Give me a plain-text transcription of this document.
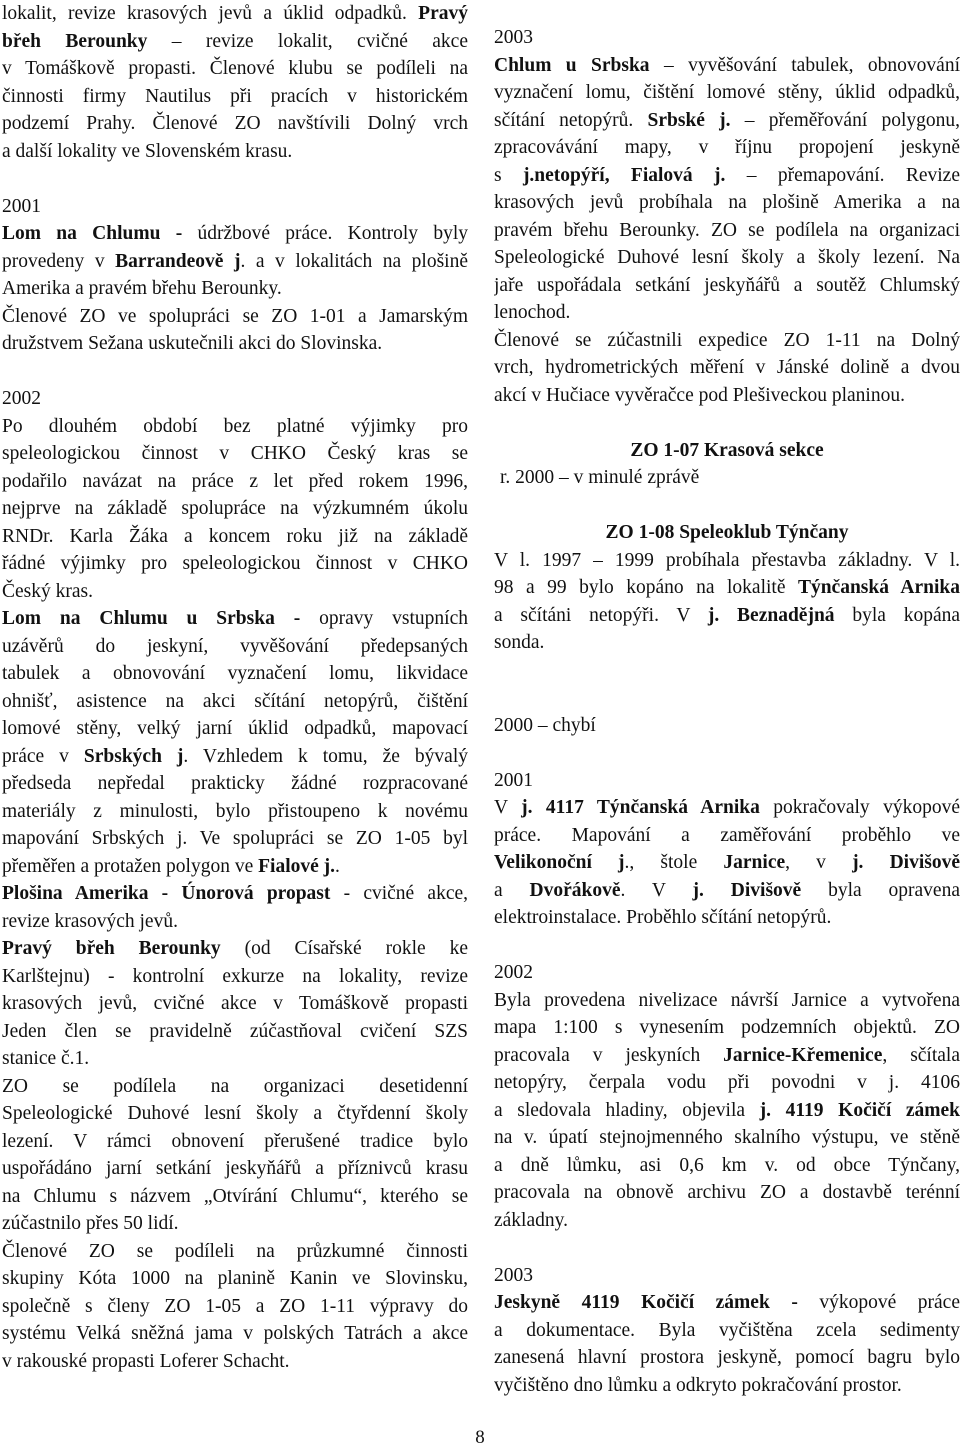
lokalit, revize krasových jevů a úklid odpadků. Pravý
břeh Berounky – revize lokalit, cvičné akce
v Tomáškově propasti. Členové klubu se podíleli na
činnosti firmy Nautilus při pracích v historickém
podzemí Prahy. Členové ZO navštívili Dolný vrch
a další lokality ve Slovenském krasu.
2001
Lom na Chlumu - údržbové práce. Kontroly byly
provedeny v Barrandeově j. a v lokalitách na plošině
Amerika a pravém břehu Berounky.
Členové ZO ve spolupráci se ZO 1-01 a Jamarským
družstvem Sežana uskutečnili akci do Slovinska.
2002
Po dlouhém období bez platné výjimky pro
speleologickou činnost v CHKO Český kras se
podařilo navázat na práce z let před rokem 1996,
nejprve na základě spolupráce na výzkumném úkolu
RNDr. Karla Žáka a koncem roku již na základě
řádné výjimky pro speleologickou činnost v CHKO
Český kras.
Lom na Chlumu u Srbska - opravy vstupních
uzávěrů do jeskyní, vyvěšování předepsaných
tabulek a obnovování vyznačení lomu, likvidace
ohnišť, asistence na akci sčítání netopýrů, čištění
lomové stěny, velký jarní úklid odpadků, mapovací
práce v Srbských j. Vzhledem k tomu, že bývalý
předseda nepředal prakticky žádné rozpracované
materiály z minulosti, bylo přistoupeno k novému
mapování Srbských j. Ve spolupráci se ZO 1-05 byl
přeměřen a protažen polygon ve Fialové j..
Plošina Amerika - Únorová propast - cvičné akce,
revize krasových jevů.
Pravý břeh Berounky (od Císařské rokle ke
Karlštejnu) - kontrolní exkurze na lokality, revize
krasových jevů, cvičné akce v Tomáškově propasti
Jeden člen se pravidelně zúčastňoval cvičení SZS
stanice č.1.
ZO se podílela na organizaci desetidenní
Speleologické Duhové lesní školy a čtyřdenní školy
lezení. V rámci obnovení přerušené tradice bylo
uspořádáno jarní setkání jeskyňářů a příznivců krasu
na Chlumu s názvem „Otvírání Chlumu“, kterého se
zúčastnilo přes 50 lidí.
Členové ZO se podíleli na průzkumné činnosti
skupiny Kóta 1000 na planině Kanin ve Slovinsku,
společně s členy ZO 1-05 a ZO 1-11 výpravy do
systému Velká sněžná jama v polských Tatrách a akce
v rakouské propasti Loferer Schacht.
2003
Chlum u Srbska – vyvěšování tabulek, obnovování
vyznačení lomu, čištění lomové stěny, úklid odpadků,
sčítání netopýrů. Srbské j. – přeměřování polygonu,
zpracovávání mapy, v říjnu propojení jeskyně
s j.netopýří, Fialová j. – přemapování. Revize
krasových jevů probíhala na plošině Amerika a na
pravém břehu Berounky. ZO se podílela na organizaci
Speleologické Duhové lesní školy a školy lezení. Na
jaře uspořádala setkání jeskyňářů a soutěž Chlumský
lenochod.
Členové se zúčastnili expedice ZO 1-11 na Dolný
vrch, hydrometrických měření v Jánské dolině a dvou
akcí v Hučiace vyvěračce pod Plešiveckou planinou.
ZO 1-07 Krasová sekce
r. 2000 – v minulé zprávě
ZO 1-08 Speleoklub Týnčany
V l. 1997 – 1999 probíhala přestavba základny. V l.
98 a 99 bylo kopáno na lokalitě Týnčanská Arnika
a sčítáni netopýři. V j. Beznadějná byla kopána
sonda.
2000 – chybí
2001
V j. 4117 Týnčanská Arnika pokračovaly výkopové
práce. Mapování a zaměřování proběhlo ve
Velikonoční j., štole Jarnice, v j. Divišově
a Dvořákově. V j. Divišově byla opravena
elektroinstalace. Proběhlo sčítání netopýrů.
2002
Byla provedena nivelizace návrší Jarnice a vytvořena
mapa 1:100 s vynesením podzemních objektů. ZO
pracovala v jeskyních Jarnice-Křemenice, sčítala
netopýry, čerpala vodu při povodni v j. 4106
a sledovala hladiny, objevila j. 4119 Kočičí zámek
na v. úpatí stejnojmenného skalního výstupu, ve stěně
a dně lůmku, asi 0,6 km v. od obce Týnčany,
pracovala na obnově archivu ZO a dostavbě terénní
základny.
2003
Jeskyně 4119 Kočičí zámek - výkopové práce
a dokumentace. Byla vyčištěna zcela sedimenty
zanesená hlavní prostora jeskyně, pomocí bagru bylo
vyčištěno dno lůmku a odkryto pokračování prostor.
8
